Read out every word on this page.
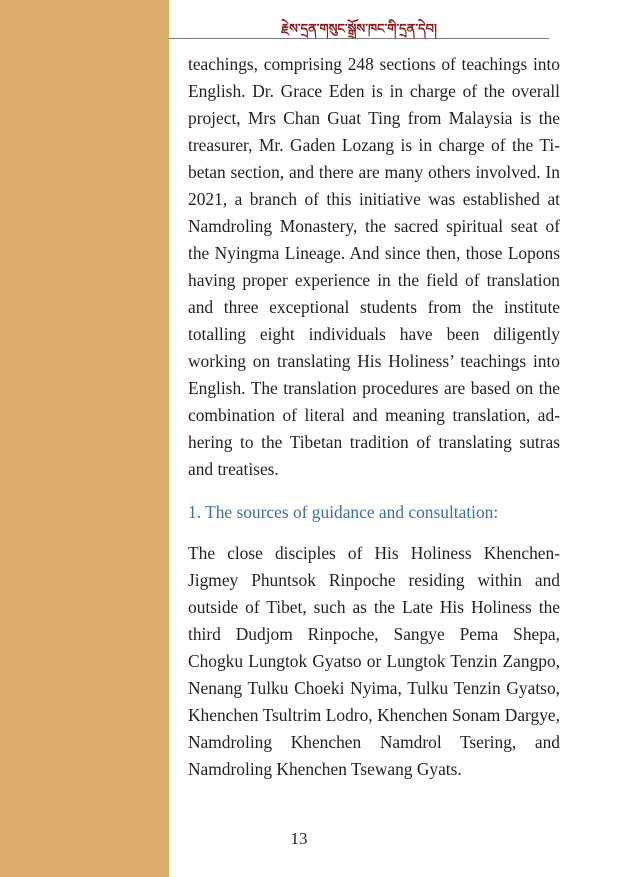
རྗེས་དྲན་གསུང་སྒྲོས་ཁང་གི་དྲན་དེབ།

teachings, comprising 248 sections of teachings into English. Dr. Grace Eden is in charge of the overall project, Mrs Chan Guat Ting from Malaysia is the treasurer, Mr. Gaden Lozang is in charge of the Tibetan section, and there are many others involved. In 2021, a branch of this initiative was established at Namdroling Monastery, the sacred spiritual seat of the Nyingma Lineage. And since then, those Lopons having proper experience in the field of translation and three exceptional students from the institute totalling eight individuals have been diligently working on translating His Holiness’ teachings into English. The translation procedures are based on the combination of literal and meaning translation, adhering to the Tibetan tradition of translating sutras and treatises.

1. The sources of guidance and consultation:

The close disciples of His Holiness Khenchen-Jigmey Phuntsok Rinpoche residing within and outside of Tibet, such as the Late His Holiness the third Dudjom Rinpoche, Sangye Pema Shepa, Chogku Lungtok Gyatso or Lungtok Tenzin Zangpo, Nenang Tulku Choeki Nyima, Tulku Tenzin Gyatso, Khenchen Tsultrim Lodro, Khenchen Sonam Dargye, Namdroling Khenchen Namdrol Tsering, and Namdroling Khenchen Tsewang Gyats.

13
